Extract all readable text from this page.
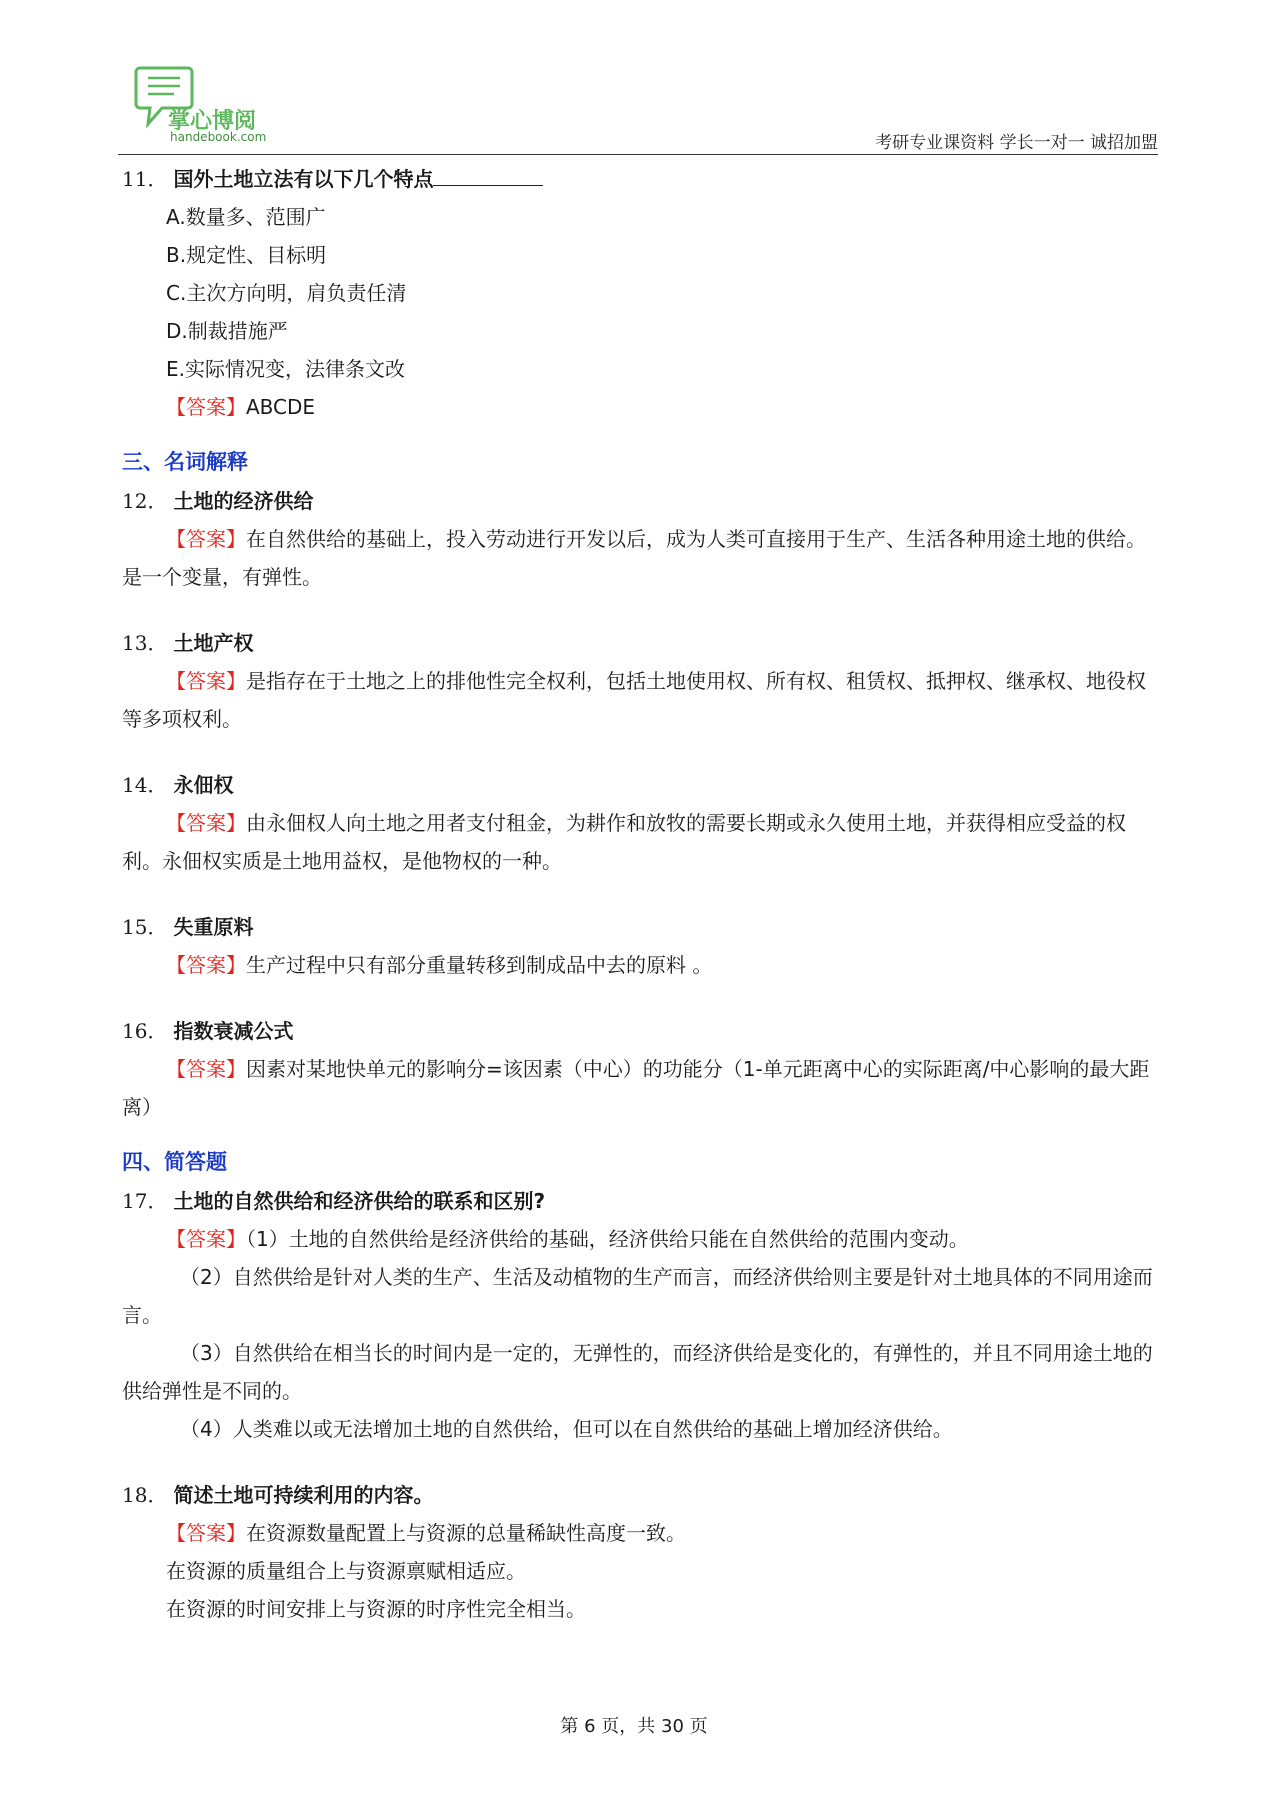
掌心博阅
handebook.com	考研专业课资料 学长一对一 诚招加盟

11． 国外土地立法有以下几个特点

A.数量多、范围广
B.规定性、目标明
C.主次方向明，肩负责任清
D.制裁措施严
E.实际情况变，法律条文改

【答案】ABCDE

三、名词解释

12． 土地的经济供给

【答案】在自然供给的基础上，投入劳动进行开发以后，成为人类可直接用于生产、生活各种用途土地的供给。是一个变量，有弹性。

13． 土地产权

【答案】是指存在于土地之上的排他性完全权利，包括土地使用权、所有权、租赁权、抵押权、继承权、地役权等多项权利。

14． 永佃权

【答案】由永佃权人向土地之用者支付租金，为耕作和放牧的需要长期或永久使用土地，并获得相应受益的权利。永佃权实质是土地用益权，是他物权的一种。

15． 失重原料

【答案】生产过程中只有部分重量转移到制成品中去的原料 。

16． 指数衰减公式

【答案】因素对某地快单元的影响分=该因素（中心）的功能分（1-单元距离中心的实际距离/中心影响的最大距离）

四、简答题

17． 土地的自然供给和经济供给的联系和区别?

【答案】（1）土地的自然供给是经济供给的基础，经济供给只能在自然供给的范围内变动。

（2）自然供给是针对人类的生产、生活及动植物的生产而言，而经济供给则主要是针对土地具体的不同用途而言。

（3）自然供给在相当长的时间内是一定的，无弹性的，而经济供给是变化的，有弹性的，并且不同用途土地的供给弹性是不同的。

（4）人类难以或无法增加土地的自然供给，但可以在自然供给的基础上增加经济供给。

18． 简述土地可持续利用的内容。

【答案】在资源数量配置上与资源的总量稀缺性高度一致。

在资源的质量组合上与资源禀赋相适应。

在资源的时间安排上与资源的时序性完全相当。

第 6 页，共 30 页
